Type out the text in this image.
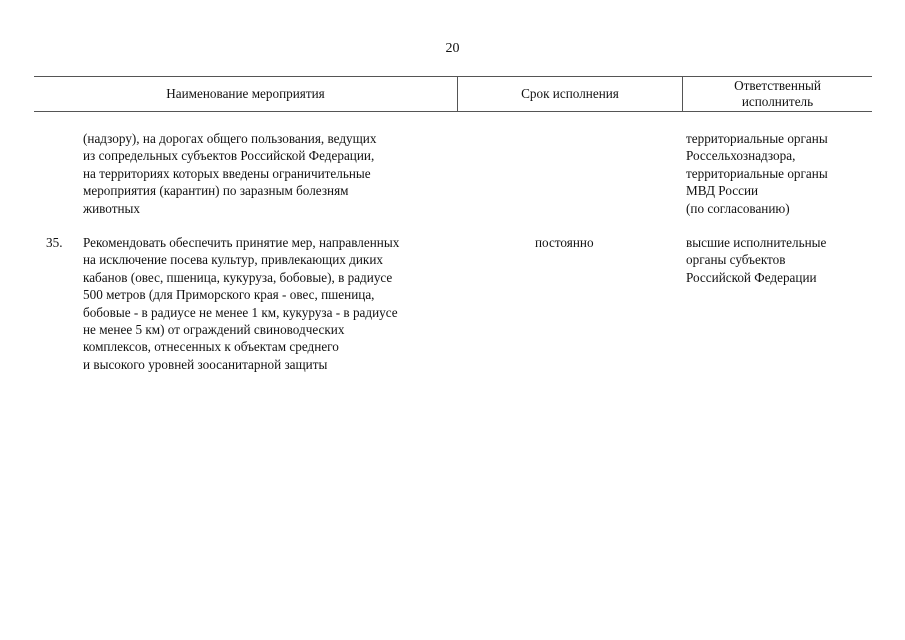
20
Наименование мероприятия	Срок исполнения
Ответственный
исполнитель
(надзору), на дорогах общего пользования, ведущих
из сопредельных субъектов Российской Федерации,
на территориях которых введены ограничительные
мероприятия (карантин) по заразным болезням
животных
территориальные органы
Россельхознадзора,
территориальные органы
МВД России
(по согласованию)
35. Рекомендовать обеспечить принятие мер, направленных
на исключение посева культур, привлекающих диких
кабанов (овес, пшеница, кукуруза, бобовые), в радиусе
500 метров (для Приморского края - овес, пшеница,
бобовые - в радиусе не менее 1 км, кукуруза - в радиусе
не менее 5 км) от ограждений свиноводческих
комплексов, отнесенных к объектам среднего
и высокого уровней зоосанитарной защиты
постоянно	высшие исполнительные
органы субъектов
Российской Федерации
